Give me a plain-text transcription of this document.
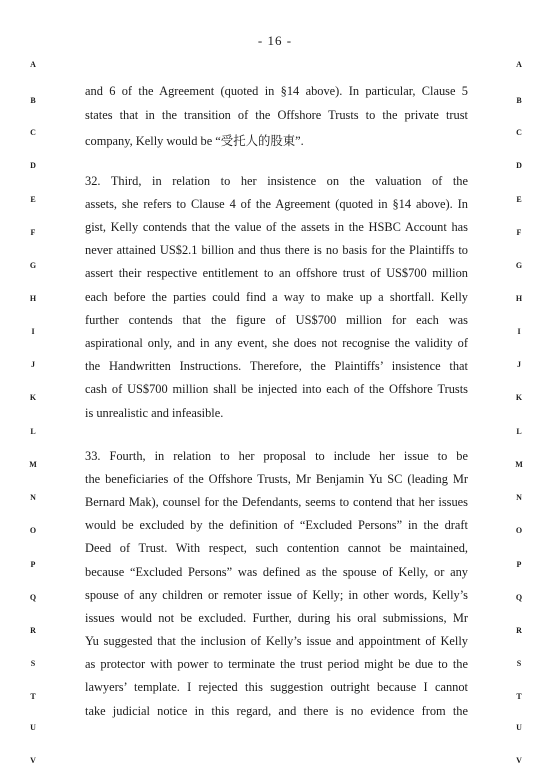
- 16 -
A
B
C
D
E
F
G
H
I
J
K
L
M
N
O
P
Q
R
S
T
U
V
A
B
C
D
E
F
G
H
I
J
K
L
M
N
O
P
Q
R
S
T
U
V
and 6 of the Agreement (quoted in §14 above). In particular, Clause 5
states that in the transition of the Offshore Trusts to the private trust
company, Kelly would be “受托人的股東”.
32. Third, in relation to her insistence on the valuation of the
assets, she refers to Clause 4 of the Agreement (quoted in §14 above). In
gist, Kelly contends that the value of the assets in the HSBC Account has
never attained US$2.1 billion and thus there is no basis for the Plaintiffs to
assert their respective entitlement to an offshore trust of US$700 million
each before the parties could find a way to make up a shortfall. Kelly
further contends that the figure of US$700 million for each was
aspirational only, and in any event, she does not recognise the validity of
the Handwritten Instructions. Therefore, the Plaintiffs’ insistence that
cash of US$700 million shall be injected into each of the Offshore Trusts
is unrealistic and infeasible.
33. Fourth, in relation to her proposal to include her issue to be
the beneficiaries of the Offshore Trusts, Mr Benjamin Yu SC (leading Mr
Bernard Mak), counsel for the Defendants, seems to contend that her issues
would be excluded by the definition of “Excluded Persons” in the draft
Deed of Trust. With respect, such contention cannot be maintained,
because “Excluded Persons” was defined as the spouse of Kelly, or any
spouse of any children or remoter issue of Kelly; in other words, Kelly’s
issues would not be excluded. Further, during his oral submissions, Mr
Yu suggested that the inclusion of Kelly’s issue and appointment of Kelly
as protector with power to terminate the trust period might be due to the
lawyers’ template. I rejected this suggestion outright because I cannot
take judicial notice in this regard, and there is no evidence from the
